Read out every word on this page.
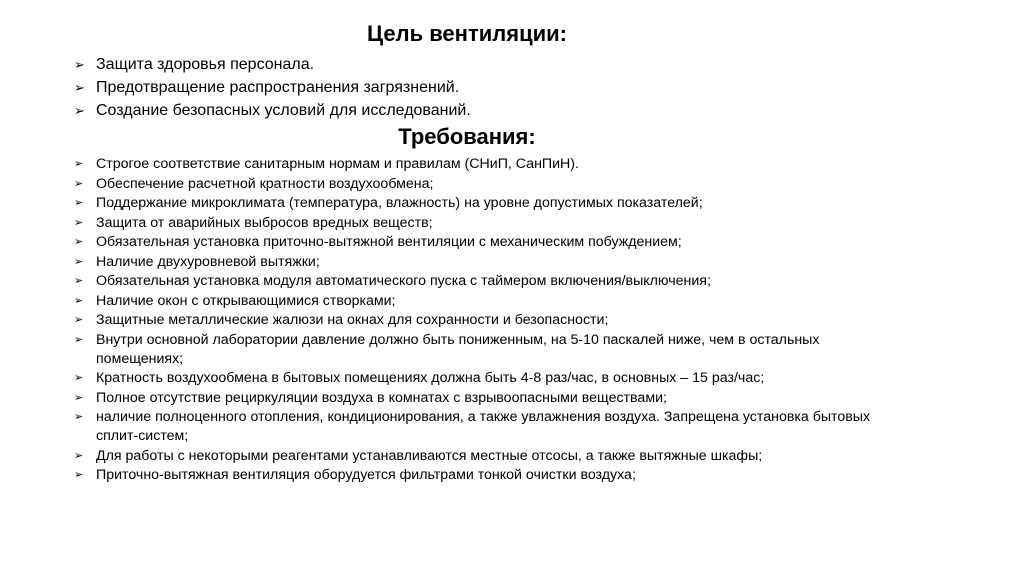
Цель вентиляции:
➢ Защита здоровья персонала.
➢ Предотвращение распространения загрязнений.
➢ Создание безопасных условий для исследований.
Требования:
➢ Строгое соответствие санитарным нормам и правилам (СНиП, СанПиН).
➢ Обеспечение расчетной кратности воздухообмена;
➢ Поддержание микроклимата (температура, влажность) на уровне допустимых показателей;
➢ Защита от аварийных выбросов вредных веществ;
➢ Обязательная установка приточно-вытяжной вентиляции с механическим побуждением;
➢ Наличие двухуровневой вытяжки;
➢ Обязательная установка модуля автоматического пуска с таймером включения/выключения;
➢ Наличие окон с открывающимися створками;
➢ Защитные металлические жалюзи на окнах для сохранности и безопасности;
➢ Внутри основной лаборатории давление должно быть пониженным, на 5-10 паскалей ниже, чем в остальных помещениях;
➢ Кратность воздухообмена в бытовых помещениях должна быть 4-8 раз/час, в основных – 15 раз/час;
➢ Полное отсутствие рециркуляции воздуха в комнатах с взрывоопасными веществами;
➢ наличие полноценного отопления, кондиционирования, а также увлажнения воздуха. Запрещена установка бытовых сплит-систем;
➢ Для работы с некоторыми реагентами устанавливаются местные отсосы, а также вытяжные шкафы;
➢ Приточно-вытяжная вентиляция оборудуется фильтрами тонкой очистки воздуха;
